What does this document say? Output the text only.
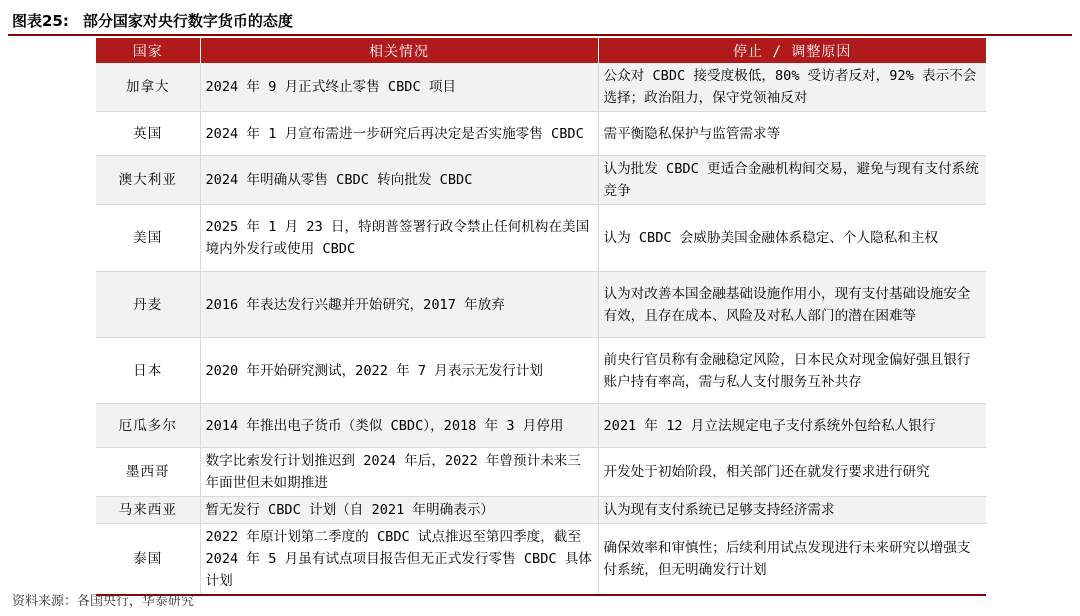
图表25: 部分国家对央行数字货币的态度
国家	相关情况	停止 / 调整原因
加拿大	2024 年 9 月正式终止零售 CBDC 项目	公众对 CBDC 接受度极低，80% 受访者反对，92% 表示不会选择；政治阻力，保守党领袖反对
英国	2024 年 1 月宣布需进一步研究后再决定是否实施零售 CBDC	需平衡隐私保护与监管需求等
澳大利亚	2024 年明确从零售 CBDC 转向批发 CBDC	认为批发 CBDC 更适合金融机构间交易，避免与现有支付系统竞争
美国	2025 年 1 月 23 日，特朗普签署行政令禁止任何机构在美国境内外发行或使用 CBDC	认为 CBDC 会威胁美国金融体系稳定、个人隐私和主权
丹麦	2016 年表达发行兴趣并开始研究，2017 年放弃	认为对改善本国金融基础设施作用小，现有支付基础设施安全有效，且存在成本、风险及对私人部门的潜在困难等
日本	2020 年开始研究测试，2022 年 7 月表示无发行计划	前央行官员称有金融稳定风险，日本民众对现金偏好强且银行账户持有率高，需与私人支付服务互补共存
厄瓜多尔	2014 年推出电子货币（类似 CBDC），2018 年 3 月停用	2021 年 12 月立法规定电子支付系统外包给私人银行
墨西哥	数字比索发行计划推迟到 2024 年后，2022 年曾预计未来三年面世但未如期推进	开发处于初始阶段，相关部门还在就发行要求进行研究
马来西亚	暂无发行 CBDC 计划（自 2021 年明确表示）	认为现有支付系统已足够支持经济需求
泰国	2022 年原计划第二季度的 CBDC 试点推迟至第四季度，截至 2024 年 5 月虽有试点项目报告但无正式发行零售 CBDC 具体计划	确保效率和审慎性；后续利用试点发现进行未来研究以增强支付系统，但无明确发行计划
资料来源：各国央行，华泰研究
